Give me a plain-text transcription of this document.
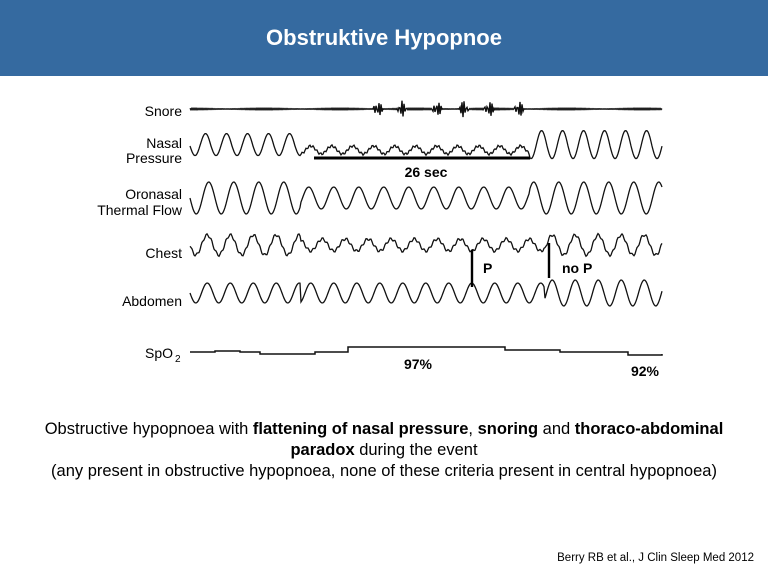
Obstruktive Hypopnoe
Snore
Nasal
Pressure
Oronasal
Thermal Flow
Chest
Abdomen
SpO 2
26 sec
P	no P
97%	92%
Obstructive hypopnoea with flattening of nasal pressure, snoring and thoraco-abdominal paradox during the event
(any present in obstructive hypopnoea, none of these criteria present in central hypopnoea)
Berry RB et al., J Clin Sleep Med 2012
